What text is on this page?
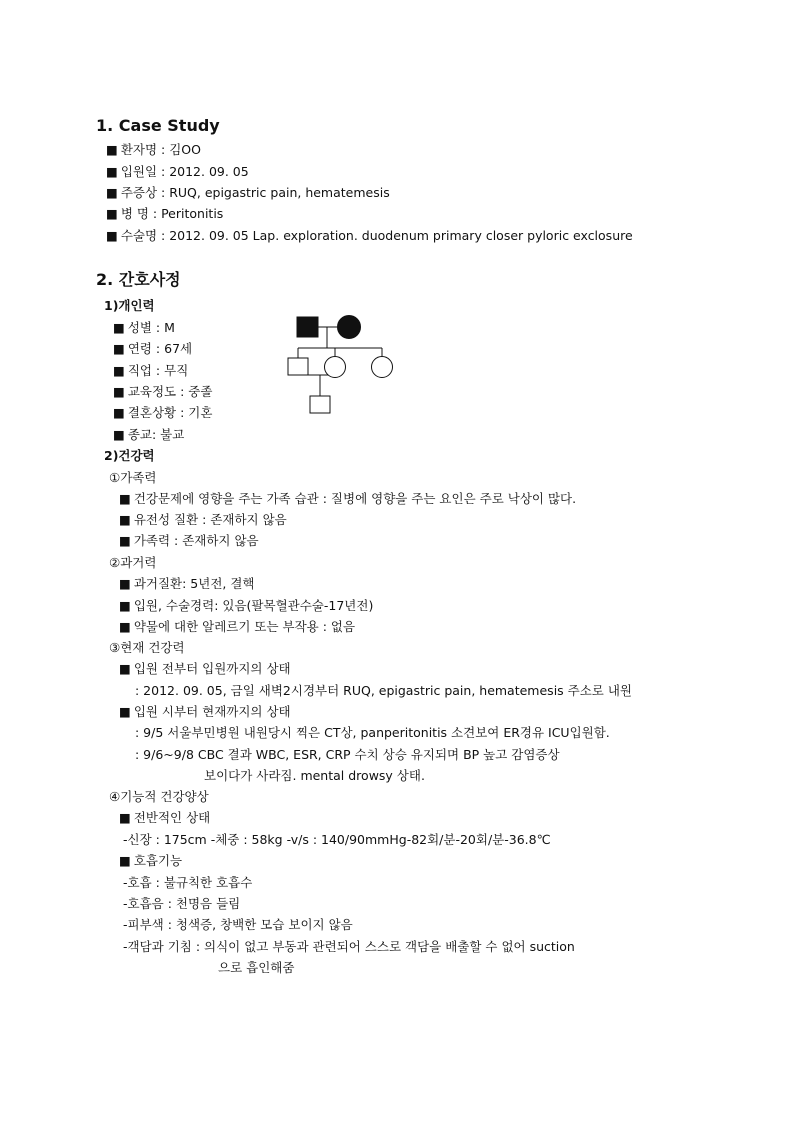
1. Case Study
■ 환자명 : 김OO
■ 입원일 : 2012. 09. 05
■ 주증상 : RUQ, epigastric pain, hematemesis
■ 병 명 : Peritonitis
■ 수술명 : 2012. 09. 05 Lap. exploration. duodenum primary closer pyloric exclosure
2. 간호사정
1)개인력
■ 성별 : M
■ 연령 : 67세
■ 직업 : 무직
■ 교육정도 : 중졸
■ 결혼상황 : 기혼
■ 종교: 불교
2)건강력
①가족력
■ 건강문제에 영향을 주는 가족 습관 : 질병에 영향을 주는 요인은 주로 낙상이 많다.
■ 유전성 질환 : 존재하지 않음
■ 가족력 : 존재하지 않음
②과거력
■ 과거질환: 5년전, 결핵
■ 입원, 수술경력: 있음(팔목혈관수술-17년전)
■ 약물에 대한 알레르기 또는 부작용 : 없음
③현재 건강력
■ 입원 전부터 입원까지의 상태
: 2012. 09. 05, 금일 새벽2시경부터 RUQ, epigastric pain, hematemesis 주소로 내원
■ 입원 시부터 현재까지의 상태
: 9/5 서울부민병원 내원당시 찍은 CT상, panperitonitis 소견보여 ER경유 ICU입원함.
: 9/6~9/8 CBC 결과 WBC, ESR, CRP 수치 상승 유지되며 BP 높고 감염증상
보이다가 사라짐. mental drowsy 상태.
④기능적 건강양상
■ 전반적인 상태
-신장 : 175cm -체중 : 58kg -v/s : 140/90mmHg-82회/분-20회/분-36.8℃
■ 호흡기능
-호흡 : 불규칙한 호흡수
-호흡음 : 천명음 들림
-피부색 : 청색증, 창백한 모습 보이지 않음
-객담과 기침 : 의식이 없고 부동과 관련되어 스스로 객담을 배출할 수 없어 suction
으로 흡인해줌
